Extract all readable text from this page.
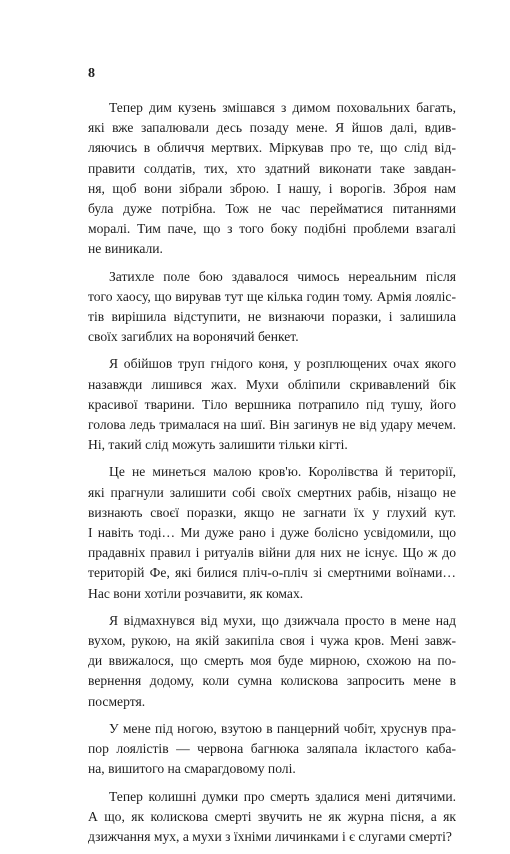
8

Тепер дим кузень змішався з димом поховальних багать,
які вже запалювали десь позаду мене. Я йшов далі, вдив-
ляючись в обличчя мертвих. Міркував про те, що слід від-
правити солдатів, тих, хто здатний виконати таке завдан-
ня, щоб вони зібрали зброю. І нашу, і ворогів. Зброя нам
була дуже потрібна. Тож не час перейматися питаннями
моралі. Тим паче, що з того боку подібні проблеми взагалі
не виникали.

Затихле поле бою здавалося чимось нереальним після
того хаосу, що вирував тут ще кілька годин тому. Армія лояліс-
тів вирішила відступити, не визнаючи поразки, і залишила
своїх загиблих на воронячий бенкет.

Я обійшов труп гнідого коня, у розплющених очах якого
назавжди лишився жах. Мухи обліпили скривавлений бік
красивої тварини. Тіло вершника потрапило під тушу, його
голова ледь трималася на шиї. Він загинув не від удару мечем.
Ні, такий слід можуть залишити тільки кігті.

Це не минеться малою кров'ю. Королівства й території,
які прагнули залишити собі своїх смертних рабів, нізащо не
визнають своєї поразки, якщо не загнати їх у глухий кут.
І навіть тоді… Ми дуже рано і дуже болісно усвідомили, що
прадавніх правил і ритуалів війни для них не існує. Що ж до
територій Фе, які билися пліч-о-пліч зі смертними воїнами…
Нас вони хотіли розчавити, як комах.

Я відмахнувся від мухи, що дзижчала просто в мене над
вухом, рукою, на якій закипіла своя і чужа кров. Мені завж-
ди ввижалося, що смерть моя буде мирною, схожою на по-
вернення додому, коли сумна колискова запросить мене в
посмертя.

У мене під ногою, взутою в панцерний чобіт, хруснув пра-
пор лоялістів — червона багнюка заляпала ікластого каба-
на, вишитого на смарагдовому полі.

Тепер колишні думки про смерть здалися мені дитячими.
А що, як колискова смерті звучить не як журна пісня, а як
дзижчання мух, а мухи з їхніми личинками і є слугами смерті?
